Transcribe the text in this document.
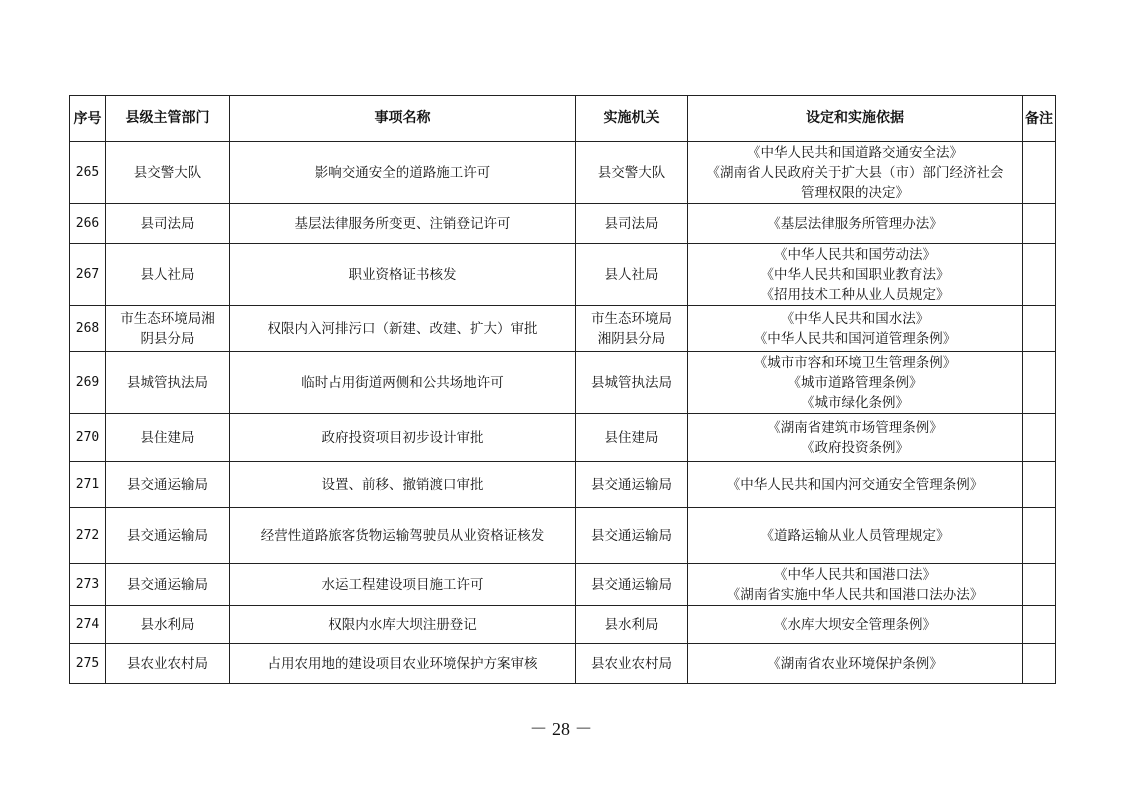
序号	县级主管部门	事项名称	实施机关	设定和实施依据	备注
265	县交警大队	影响交通安全的道路施工许可	县交警大队	《中华人民共和国道路交通安全法》
《湖南省人民政府关于扩大县（市）部门经济社会
管理权限的决定》	

266	县司法局	基层法律服务所变更、注销登记许可	县司法局	《基层法律服务所管理办法》	

267	县人社局	职业资格证书核发	县人社局	《中华人民共和国劳动法》
《中华人民共和国职业教育法》
《招用技术工种从业人员规定》	

268	市生态环境局湘
阴县分局	权限内入河排污口（新建、改建、扩大）审批	市生态环境局
湘阴县分局	《中华人民共和国水法》
《中华人民共和国河道管理条例》	

269	县城管执法局	临时占用街道两侧和公共场地许可	县城管执法局	《城市市容和环境卫生管理条例》
《城市道路管理条例》
《城市绿化条例》	

270	县住建局	政府投资项目初步设计审批	县住建局	《湖南省建筑市场管理条例》
《政府投资条例》	

271	县交通运输局	设置、前移、撤销渡口审批	县交通运输局	《中华人民共和国内河交通安全管理条例》	

272	县交通运输局	经营性道路旅客货物运输驾驶员从业资格证核发	县交通运输局	《道路运输从业人员管理规定》	

273	县交通运输局	水运工程建设项目施工许可	县交通运输局	《中华人民共和国港口法》
《湖南省实施中华人民共和国港口法办法》	

274	县水利局	权限内水库大坝注册登记	县水利局	《水库大坝安全管理条例》	

275	县农业农村局	占用农用地的建设项目农业环境保护方案审核	县农业农村局	《湖南省农业环境保护条例》	

－ 28 －
